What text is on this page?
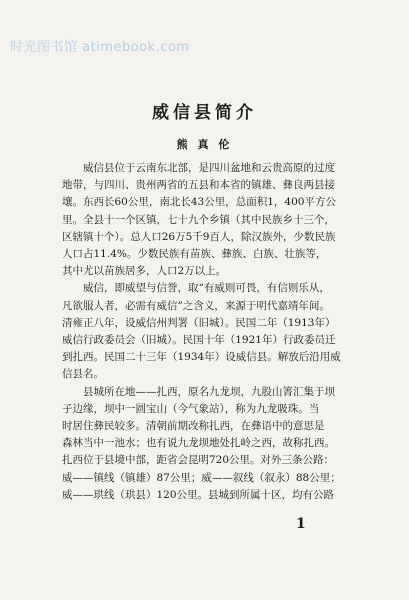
时光图书馆 atimebook.com
威信县简介
熊 真 伦

　　威信县位于云南东北部，是四川盆地和云贵高原的过度
地带，与四川、贵州两省的五县和本省的镇雄、彝良两县接
壤。东西长60公里，南北长43公里，总面积1，400平方公
里。全县十一个区镇，七十九个乡镇（其中民族乡十三个，
区辖镇十个）。总人口26万5千9百人，除汉族外，少数民族
人口占11.4%。少数民族有苗族、彝族、白族、壮族等，
其中尤以苗族居多，人口2万以上。

　　威信，即威望与信誉，取“有威则可畏，有信则乐从，
凡欲服人者，必需有威信”之含义，来源于明代嘉靖年间。
清雍正八年，设威信州判署（旧城）。民国二年（1913年）
威信行政委员会（旧城）。民国十年（1921年）行政委员迁
到扎西。民国二十三年（1934年）设威信县。解放后沿用威
信县名。

　　县城所在地——扎西，原名九龙坝，九股山箐汇集于坝
子边缘，坝中一圆宝山（今气象站），称为九龙吸珠。当
时居住彝民较多。清朝前期改称扎西，在彝语中的意思是
森林当中一池水；也有说九龙坝地处扎岭之西，故称扎西。
扎西位于县境中部，距省会昆明720公里。对外三条公路：
威——镇线（镇雄）87公里；威——叙线（叙永）88公里；
威——珙线（珙县）120公里。县城到所属十区，均有公路

1
